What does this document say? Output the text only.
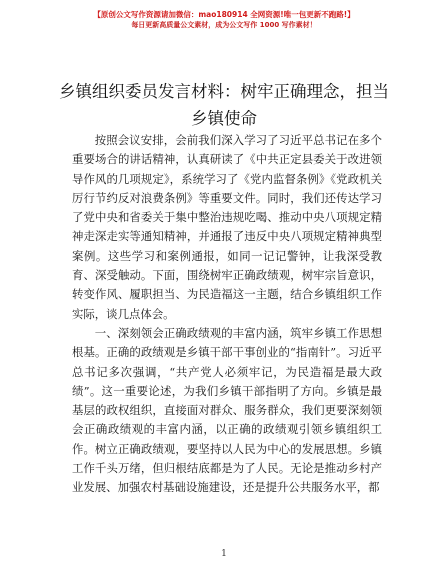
【原创公文写作资源请加微信：mao180914 全网资源!唯一包更新不跑路!】
每日更新高质量公文素材，成为公文写作 1000 写作素材！
乡镇组织委员发言材料：树牢正确理念，担当乡镇使命

按照会议安排，会前我们深入学习了习近平总书记在多个重要场合的讲话精神，认真研读了《中共正定县委关于改进领导作风的几项规定》，系统学习了《党内监督条例》《党政机关厉行节约反对浪费条例》等重要文件。同时，我们还传达学习了党中央和省委关于集中整治违规吃喝、推动中央八项规定精神走深走实等通知精神，并通报了违反中央八项规定精神典型案例。这些学习和案例通报，如同一记记警钟，让我深受教育、深受触动。下面，围绕树牢正确政绩观，树牢宗旨意识，转变作风、履职担当、为民造福这一主题，结合乡镇组织工作实际，谈几点体会。

一、深刻领会正确政绩观的丰富内涵，筑牢乡镇工作思想根基。正确的政绩观是乡镇干部干事创业的“指南针”。习近平总书记多次强调，“共产党人必须牢记，为民造福是最大政绩”。这一重要论述，为我们乡镇干部指明了方向。乡镇是最基层的政权组织，直接面对群众、服务群众，我们更要深刻领会正确政绩观的丰富内涵，以正确的政绩观引领乡镇组织工作。树立正确政绩观，要坚持以人民为中心的发展思想。乡镇工作千头万绪，但归根结底都是为了人民。无论是推动乡村产业发展、加强农村基础设施建设，还是提升公共服务水平，都

1
